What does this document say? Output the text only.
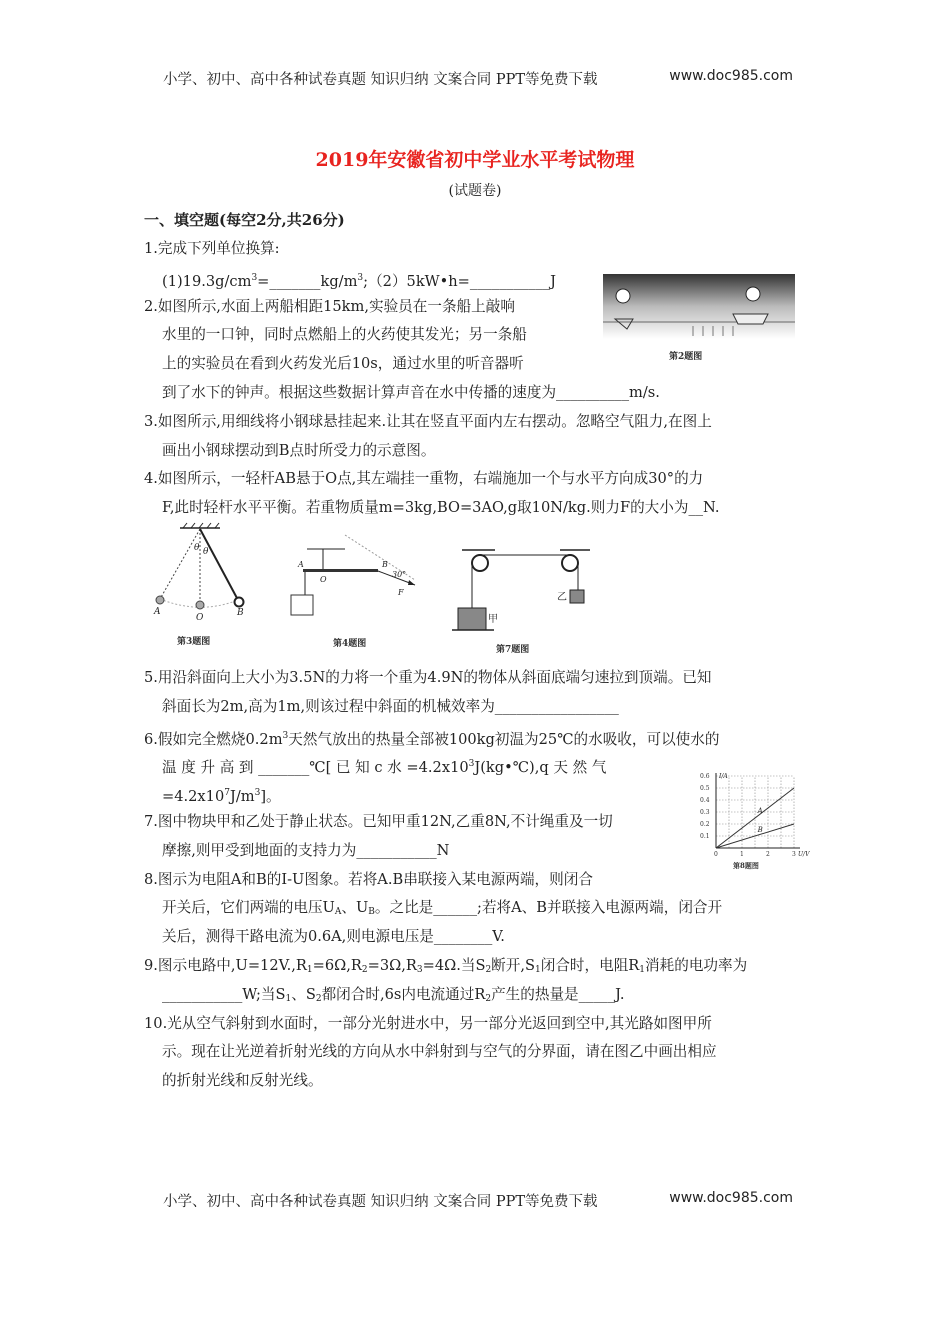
小学、初中、高中各种试卷真题 知识归纳 文案合同 PPT等免费下载	www.doc985.com
2019年安徽省初中学业水平考试物理
(试题卷)
一、填空题(每空2分,共26分)
1.完成下列单位换算:
$(1)19.3g/cm^3=\_\_\_\_\_\_\_kg/m^3;(2)5kW•h=\_\_\_\_\_\_\_\_\_\_\_J$
2.如图所示,水面上两船相距15km,实验员在一条船上敲响
水里的一口钟，同时点燃船上的火药使其发光；另一条船
上的实验员在看到火药发光后10s，通过水里的听音器听
到了水下的钟声。根据这些数据计算声音在水中传播的速度为__________m/s.
3.如图所示,用细线将小钢球悬挂起来.让其在竖直平面内左右摆动。忽略空气阻力,在图上
画出小钢球摆动到B点时所受力的示意图。
4.如图所示，一轻杆AB悬于O点,其左端挂一重物，右端施加一个与水平方向成30°的力
F,此时轻杆水平平衡。若重物质量m=3kg,BO=3AO,g取10N/kg.则力F的大小为__N.
5.用沿斜面向上大小为3.5N的力将一个重为4.9N的物体从斜面底端匀速拉到顶端。已知
斜面长为2m,高为1m,则该过程中斜面的机械效率为_________________
6.假如完全燃烧$0.2m^3$天然气放出的热量全部被100kg初温为25℃的水吸收，可以使水的
温 度 升 高 到 _______℃[ 已 知 c 水 $=4.2x10^3J(kg•℃),q$ 天 然 气
$=4.2x10^7J/m^3$]。
7.图中物块甲和乙处于静止状态。已知甲重12N,乙重8N,不计绳重及一切
摩擦,则甲受到地面的支持力为___________N
8.图示为电阻A和B的I-U图象。若将A.B串联接入某电源两端，则闭合
开关后，它们两端的电压$U_A$、$U_B$。之比是______;若将A、B并联接入电源两端，闭合开
关后，测得干路电流为0.6A,则电源电压是________V.
9.图示电路中$,U=12V.,R_1=6\Omega,R_2=3\Omega,R_3=4\Omega$.当$S_2$断开$,S_1$闭合时，电阻$R_1$消耗的电功率为
___________W;当$S_1$、$S_2$都闭合时,6s内电流通过$R_2$产生的热量是_____J.
10.光从空气斜射到水面时，一部分光射进水中，另一部分光返回到空中,其光路如图甲所
示。现在让光逆着折射光线的方向从水中斜射到与空气的分界面，请在图乙中画出相应
的折射光线和反射光线。
第2题图
θ θ
A
O	B
第3题图
A
O
B
30°
F
第4题图
甲
乙
第7题图
A
B
0.6
0.5
0.4
0.3
0.2
0.1
0	1	2	3
I/A
U/V
第8题图
小学、初中、高中各种试卷真题 知识归纳 文案合同 PPT等免费下载	www.doc985.com
